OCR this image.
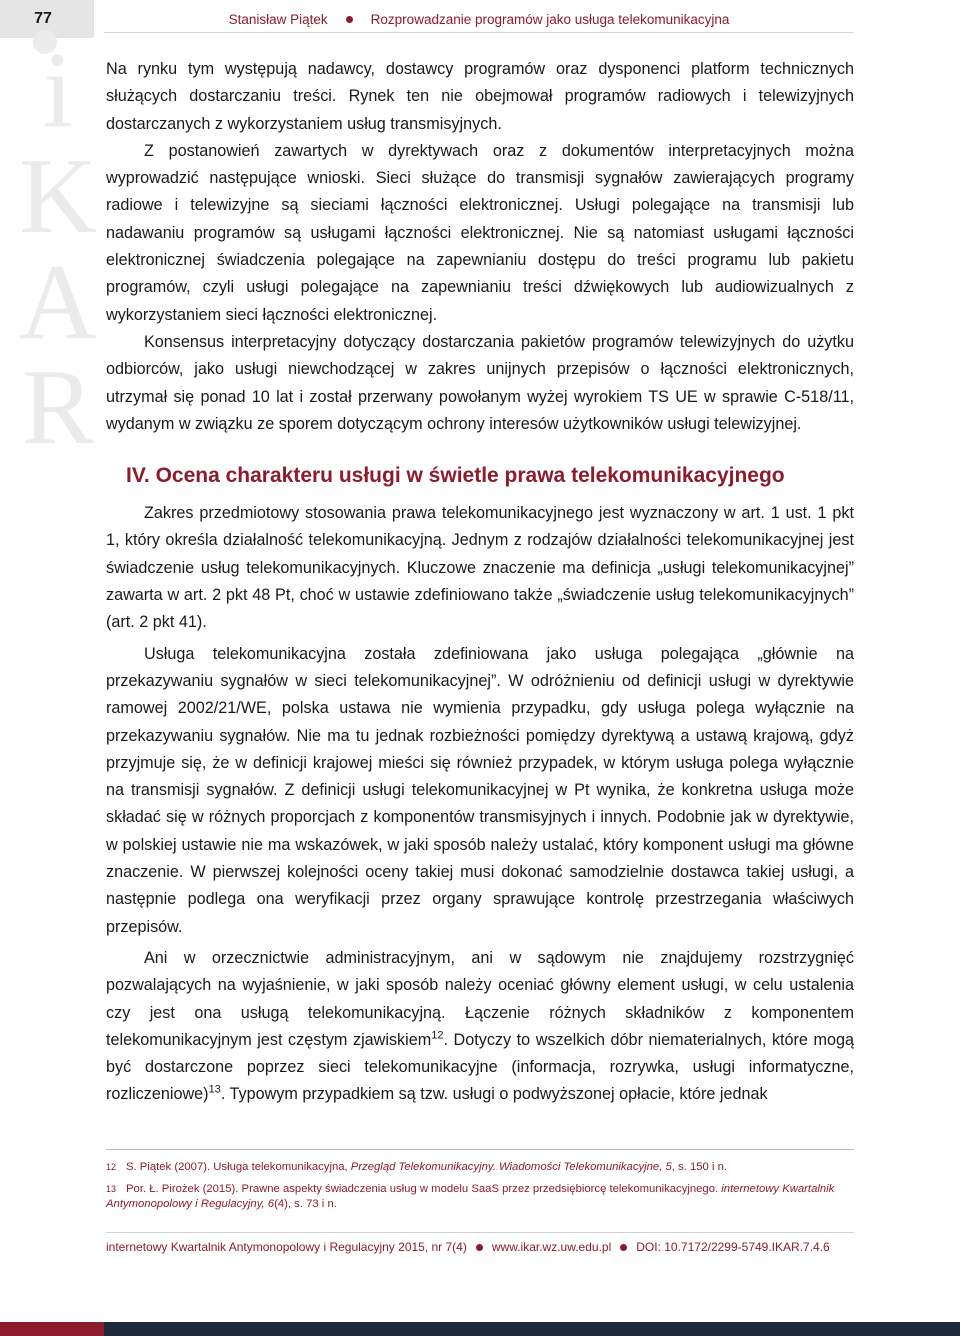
77	Stanisław Piątek	Rozprowadzanie programów jako usługa telekomunikacyjna
i
K
A
R

Na rynku tym występują nadawcy, dostawcy programów oraz dysponenci platform technicznych służących dostarczaniu treści. Rynek ten nie obejmował programów radiowych i telewizyjnych dostarczanych z wykorzystaniem usług transmisyjnych.

Z postanowień zawartych w dyrektywach oraz z dokumentów interpretacyjnych można wyprowadzić następujące wnioski. Sieci służące do transmisji sygnałów zawierających programy radiowe i telewizyjne są sieciami łączności elektronicznej. Usługi polegające na transmisji lub nadawaniu programów są usługami łączności elektronicznej. Nie są natomiast usługami łączności elektronicznej świadczenia polegające na zapewnianiu dostępu do treści programu lub pakietu programów, czyli usługi polegające na zapewnianiu treści dźwiękowych lub audiowizualnych z wykorzystaniem sieci łączności elektronicznej.

Konsensus interpretacyjny dotyczący dostarczania pakietów programów telewizyjnych do użytku odbiorców, jako usługi niewchodzącej w zakres unijnych przepisów o łączności elektronicznych, utrzymał się ponad 10 lat i został przerwany powołanym wyżej wyrokiem TS UE w sprawie C-518/11, wydanym w związku ze sporem dotyczącym ochrony interesów użytkowników usługi telewizyjnej.

IV. Ocena charakteru usługi w świetle prawa telekomunikacyjnego

Zakres przedmiotowy stosowania prawa telekomunikacyjnego jest wyznaczony w art. 1 ust. 1 pkt 1, który określa działalność telekomunikacyjną. Jednym z rodzajów działalności telekomunikacyjnej jest świadczenie usług telekomunikacyjnych. Kluczowe znaczenie ma definicja „usługi telekomunikacyjnej” zawarta w art. 2 pkt 48 Pt, choć w ustawie zdefiniowano także „świadczenie usług telekomunikacyjnych” (art. 2 pkt 41).

Usługa telekomunikacyjna została zdefiniowana jako usługa polegająca „głównie na przekazywaniu sygnałów w sieci telekomunikacyjnej”. W odróżnieniu od definicji usługi w dyrektywie ramowej 2002/21/WE, polska ustawa nie wymienia przypadku, gdy usługa polega wyłącznie na przekazywaniu sygnałów. Nie ma tu jednak rozbieżności pomiędzy dyrektywą a ustawą krajową, gdyż przyjmuje się, że w definicji krajowej mieści się również przypadek, w którym usługa polega wyłącznie na transmisji sygnałów. Z definicji usługi telekomunikacyjnej w Pt wynika, że konkretna usługa może składać się w różnych proporcjach z komponentów transmisyjnych i innych. Podobnie jak w dyrektywie, w polskiej ustawie nie ma wskazówek, w jaki sposób należy ustalać, który komponent usługi ma główne znaczenie. W pierwszej kolejności oceny takiej musi dokonać samodzielnie dostawca takiej usługi, a następnie podlega ona weryfikacji przez organy sprawujące kontrolę przestrzegania właściwych przepisów.

Ani w orzecznictwie administracyjnym, ani w sądowym nie znajdujemy rozstrzygnięć pozwalających na wyjaśnienie, w jaki sposób należy oceniać główny element usługi, w celu ustalenia czy jest ona usługą telekomunikacyjną. Łączenie różnych składników z komponentem telekomunikacyjnym jest częstym zjawiskiem$^{12}$. Dotyczy to wszelkich dóbr niematerialnych, które mogą być dostarczone poprzez sieci telekomunikacyjne (informacja, rozrywka, usługi informatyczne, rozliczeniowe)$^{13}$. Typowym przypadkiem są tzw. usługi o podwyższonej opłacie, które jednak

12 S. Piątek (2007). Usługa telekomunikacyjna, Przegląd Telekomunikacyjny. Wiadomości Telekomunikacyjne, 5, s. 150 i n.
13 Por. Ł. Pirożek (2015). Prawne aspekty świadczenia usług w modelu SaaS przez przedsiębiorcę telekomunikacyjnego. internetowy Kwartalnik Antymonopolowy i Regulacyjny, 6(4), s. 73 i n.
internetowy Kwartalnik Antymonopolowy i Regulacyjny 2015, nr 7(4) www.ikar.wz.uw.edu.pl DOI: 10.7172/2299-5749.IKAR.7.4.6
